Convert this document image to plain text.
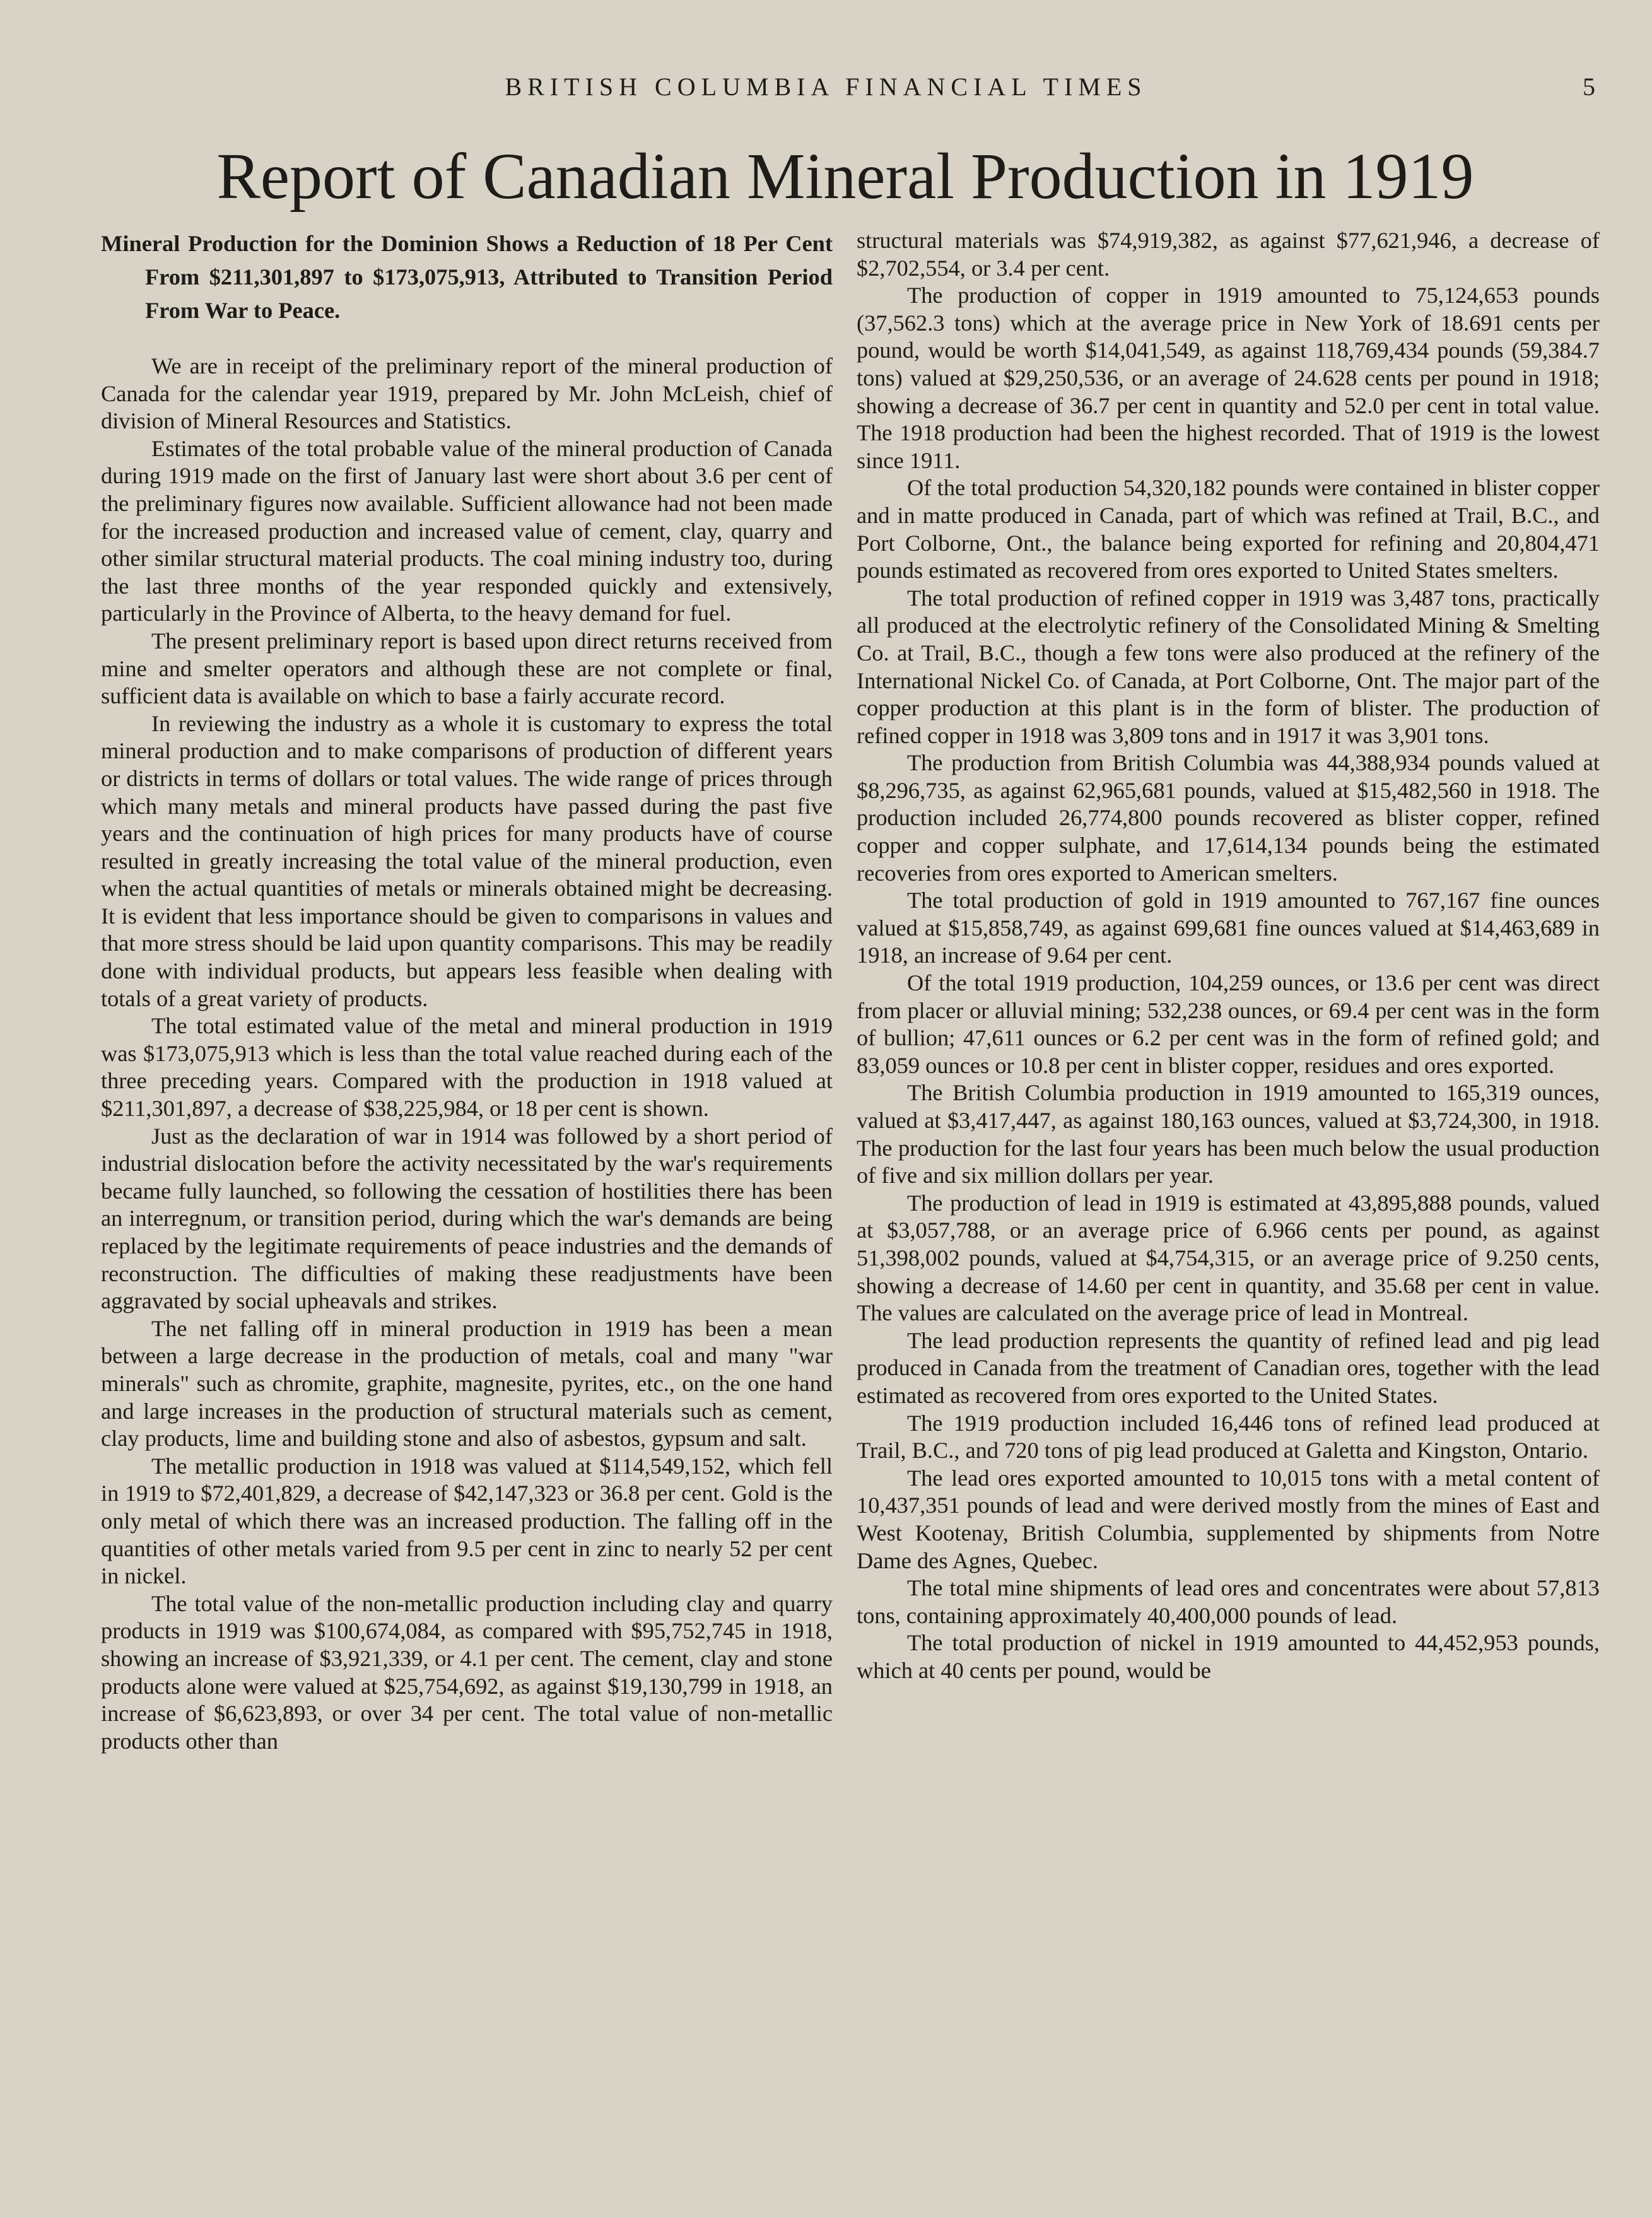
BRITISH COLUMBIA FINANCIAL TIMES	5
Report of Canadian Mineral Production in 1919
Mineral Production for the Dominion Shows a Reduction of 18 Per Cent From $211,301,897 to $173,075,913, Attributed to Transition Period From War to Peace.

We are in receipt of the preliminary report of the mineral production of Canada for the calendar year 1919, prepared by Mr. John McLeish, chief of division of Mineral Resources and Statistics.

Estimates of the total probable value of the mineral production of Canada during 1919 made on the first of January last were short about 3.6 per cent of the preliminary figures now available. Sufficient allowance had not been made for the increased production and increased value of cement, clay, quarry and other similar structural material products. The coal mining industry too, during the last three months of the year responded quickly and extensively, particularly in the Province of Alberta, to the heavy demand for fuel.

The present preliminary report is based upon direct returns received from mine and smelter operators and although these are not complete or final, sufficient data is available on which to base a fairly accurate record.

In reviewing the industry as a whole it is customary to express the total mineral production and to make comparisons of production of different years or districts in terms of dollars or total values. The wide range of prices through which many metals and mineral products have passed during the past five years and the continuation of high prices for many products have of course resulted in greatly increasing the total value of the mineral production, even when the actual quantities of metals or minerals obtained might be decreasing. It is evident that less importance should be given to comparisons in values and that more stress should be laid upon quantity comparisons. This may be readily done with individual products, but appears less feasible when dealing with totals of a great variety of products.

The total estimated value of the metal and mineral production in 1919 was $173,075,913 which is less than the total value reached during each of the three preceding years. Compared with the production in 1918 valued at $211,301,897, a decrease of $38,225,984, or 18 per cent is shown.

Just as the declaration of war in 1914 was followed by a short period of industrial dislocation before the activity necessitated by the war's requirements became fully launched, so following the cessation of hostilities there has been an interregnum, or transition period, during which the war's demands are being replaced by the legitimate requirements of peace industries and the demands of reconstruction. The difficulties of making these readjustments have been aggravated by social upheavals and strikes.

The net falling off in mineral production in 1919 has been a mean between a large decrease in the production of metals, coal and many "war minerals" such as chromite, graphite, magnesite, pyrites, etc., on the one hand and large increases in the production of structural materials such as cement, clay products, lime and building stone and also of asbestos, gypsum and salt.

The metallic production in 1918 was valued at $114,549,152, which fell in 1919 to $72,401,829, a decrease of $42,147,323 or 36.8 per cent. Gold is the only metal of which there was an increased production. The falling off in the quantities of other metals varied from 9.5 per cent in zinc to nearly 52 per cent in nickel.

The total value of the non-metallic production including clay and quarry products in 1919 was $100,674,084, as compared with $95,752,745 in 1918, showing an increase of $3,921,339, or 4.1 per cent. The cement, clay and stone products alone were valued at $25,754,692, as against $19,130,799 in 1918, an increase of $6,623,893, or over 34 per cent. The total value of non-metallic products other than

structural materials was $74,919,382, as against $77,621,946, a decrease of $2,702,554, or 3.4 per cent.

The production of copper in 1919 amounted to 75,124,653 pounds (37,562.3 tons) which at the average price in New York of 18.691 cents per pound, would be worth $14,041,549, as against 118,769,434 pounds (59,384.7 tons) valued at $29,250,536, or an average of 24.628 cents per pound in 1918; showing a decrease of 36.7 per cent in quantity and 52.0 per cent in total value. The 1918 production had been the highest recorded. That of 1919 is the lowest since 1911.

Of the total production 54,320,182 pounds were contained in blister copper and in matte produced in Canada, part of which was refined at Trail, B.C., and Port Colborne, Ont., the balance being exported for refining and 20,804,471 pounds estimated as recovered from ores exported to United States smelters.

The total production of refined copper in 1919 was 3,487 tons, practically all produced at the electrolytic refinery of the Consolidated Mining & Smelting Co. at Trail, B.C., though a few tons were also produced at the refinery of the International Nickel Co. of Canada, at Port Colborne, Ont. The major part of the copper production at this plant is in the form of blister. The production of refined copper in 1918 was 3,809 tons and in 1917 it was 3,901 tons.

The production from British Columbia was 44,388,934 pounds valued at $8,296,735, as against 62,965,681 pounds, valued at $15,482,560 in 1918. The production included 26,774,800 pounds recovered as blister copper, refined copper and copper sulphate, and 17,614,134 pounds being the estimated recoveries from ores exported to American smelters.

The total production of gold in 1919 amounted to 767,167 fine ounces valued at $15,858,749, as against 699,681 fine ounces valued at $14,463,689 in 1918, an increase of 9.64 per cent.

Of the total 1919 production, 104,259 ounces, or 13.6 per cent was direct from placer or alluvial mining; 532,238 ounces, or 69.4 per cent was in the form of bullion; 47,611 ounces or 6.2 per cent was in the form of refined gold; and 83,059 ounces or 10.8 per cent in blister copper, residues and ores exported.

The British Columbia production in 1919 amounted to 165,319 ounces, valued at $3,417,447, as against 180,163 ounces, valued at $3,724,300, in 1918. The production for the last four years has been much below the usual production of five and six million dollars per year.

The production of lead in 1919 is estimated at 43,895,888 pounds, valued at $3,057,788, or an average price of 6.966 cents per pound, as against 51,398,002 pounds, valued at $4,754,315, or an average price of 9.250 cents, showing a decrease of 14.60 per cent in quantity, and 35.68 per cent in value. The values are calculated on the average price of lead in Montreal.

The lead production represents the quantity of refined lead and pig lead produced in Canada from the treatment of Canadian ores, together with the lead estimated as recovered from ores exported to the United States.

The 1919 production included 16,446 tons of refined lead produced at Trail, B.C., and 720 tons of pig lead produced at Galetta and Kingston, Ontario.

The lead ores exported amounted to 10,015 tons with a metal content of 10,437,351 pounds of lead and were derived mostly from the mines of East and West Kootenay, British Columbia, supplemented by shipments from Notre Dame des Agnes, Quebec.

The total mine shipments of lead ores and concentrates were about 57,813 tons, containing approximately 40,400,000 pounds of lead.

The total production of nickel in 1919 amounted to 44,452,953 pounds, which at 40 cents per pound, would be
